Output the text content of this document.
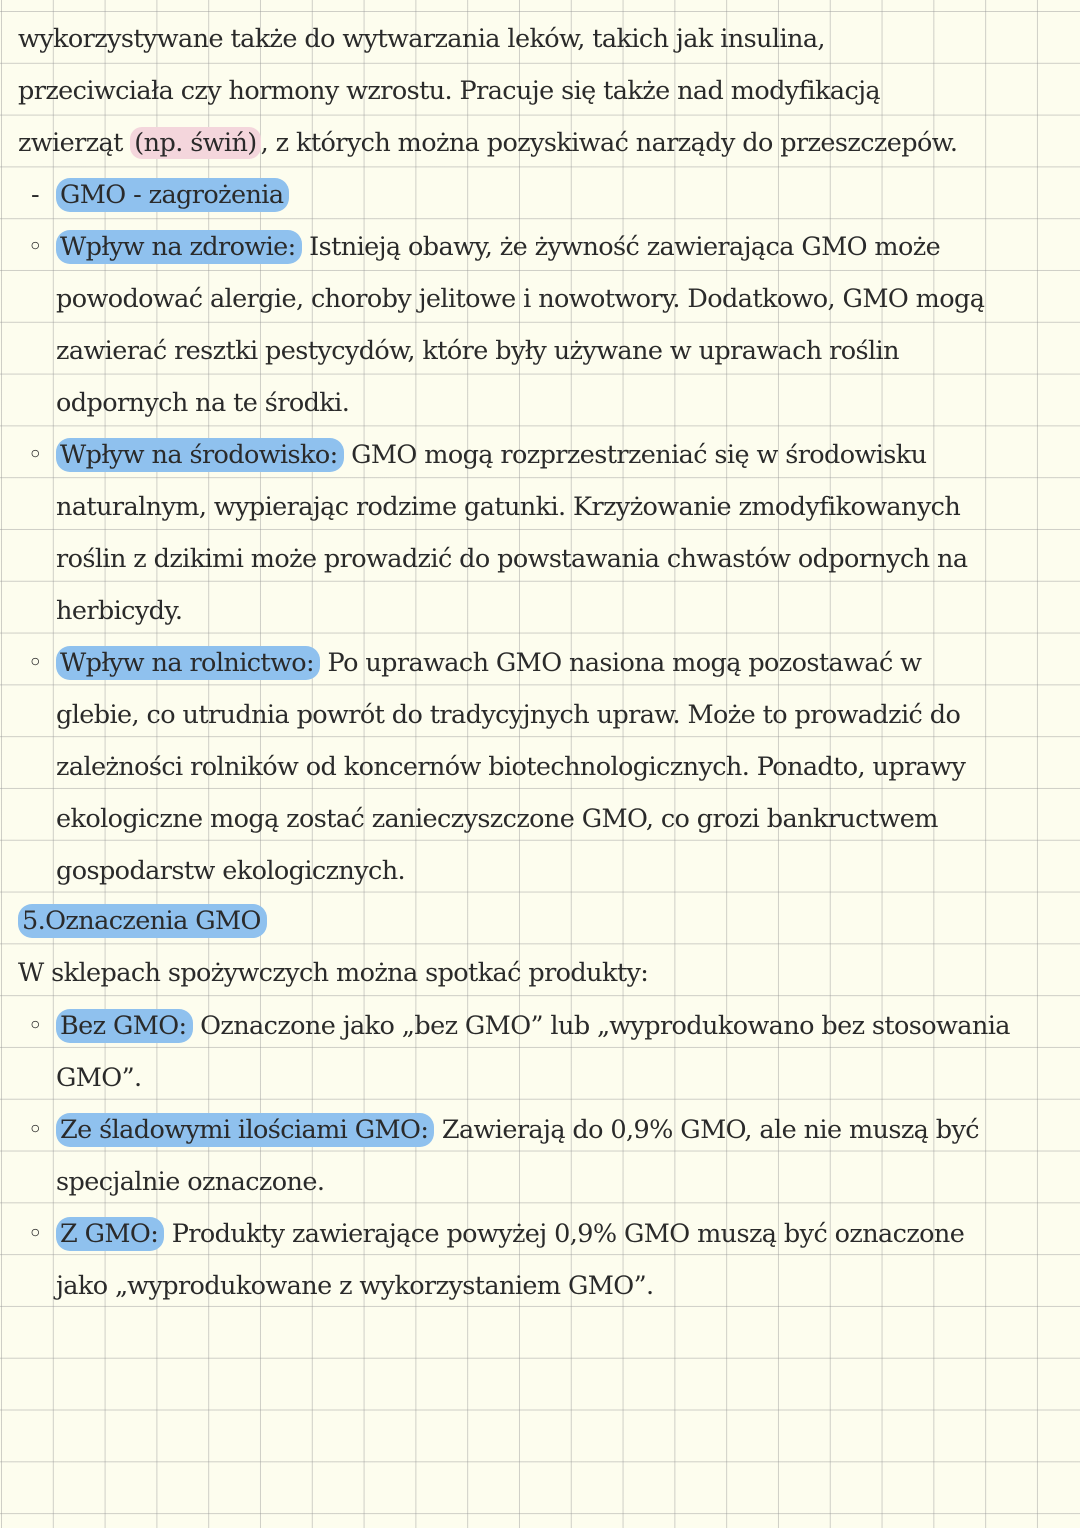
wykorzystywane także do wytwarzania leków, takich jak insulina,
przeciwciała czy hormony wzrostu. Pracuje się także nad modyfikacją
zwierząt (np. świń) , z których można pozyskiwać narządy do przeszczepów.
- GMO - zagrożenia
◦ Wpływ na zdrowie: Istnieją obawy, że żywność zawierająca GMO może
powodować alergie, choroby jelitowe i nowotwory. Dodatkowo, GMO mogą
zawierać resztki pestycydów, które były używane w uprawach roślin
odpornych na te środki.
◦ Wpływ na środowisko: GMO mogą rozprzestrzeniać się w środowisku
naturalnym, wypierając rodzime gatunki. Krzyżowanie zmodyfikowanych
roślin z dzikimi może prowadzić do powstawania chwastów odpornych na
herbicydy.
◦ Wpływ na rolnictwo: Po uprawach GMO nasiona mogą pozostawać w
glebie, co utrudnia powrót do tradycyjnych upraw. Może to prowadzić do
zależności rolników od koncernów biotechnologicznych. Ponadto, uprawy
ekologiczne mogą zostać zanieczyszczone GMO, co grozi bankructwem
gospodarstw ekologicznych.
5.Oznaczenia GMO
W sklepach spożywczych można spotkać produkty:
◦ Bez GMO: Oznaczone jako „bez GMO” lub „wyprodukowano bez stosowania
GMO”.
◦ Ze śladowymi ilościami GMO: Zawierają do 0,9% GMO, ale nie muszą być
specjalnie oznaczone.
◦ Z GMO: Produkty zawierające powyżej 0,9% GMO muszą być oznaczone
jako „wyprodukowane z wykorzystaniem GMO”.
